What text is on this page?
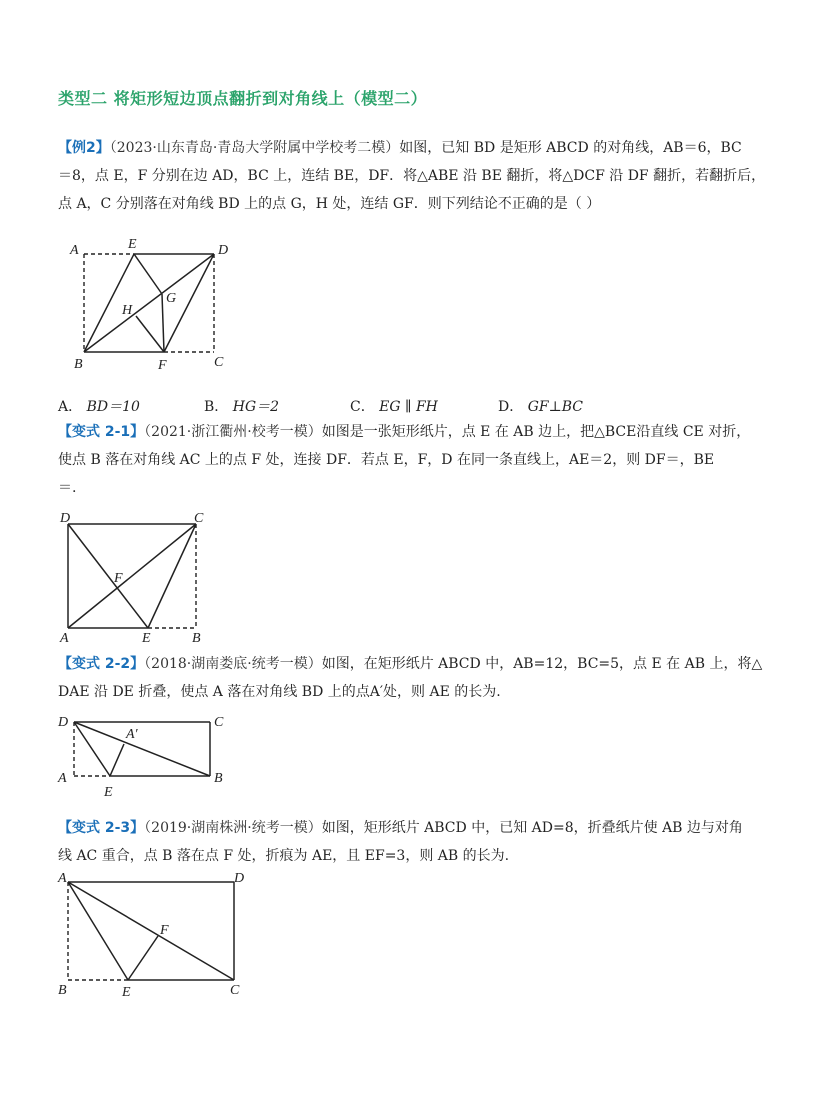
类型二 将矩形短边顶点翻折到对角线上（模型二）
【例2】（2023·山东青岛·青岛大学附属中学校考二模）如图，已知 BD 是矩形 ABCD 的对角线，AB＝6，BC
＝8，点 E，F 分别在边 AD，BC 上，连结 BE，DF．将△ABE 沿 BE 翻折，将△DCF 沿 DF 翻折，若翻折后，
点 A，C 分别落在对角线 BD 上的点 G，H 处，连结 GF．则下列结论不正确的是（ ）
A	E	D
B	F	C
G
H
A． BD＝10	B． HG＝2	C． EG ∥ FH	D． GF⊥BC
【变式 2-1】（2021·浙江衢州·校考一模）如图是一张矩形纸片，点 E 在 AB 边上，把△BCE沿直线 CE 对折，
使点 B 落在对角线 AC 上的点 F 处，连接 DF．若点 E，F，D 在同一条直线上，AE＝2，则 DF＝，BE
＝.
D	C
A	E	B
F
【变式 2-2】（2018·湖南娄底·统考一模）如图，在矩形纸片 ABCD 中，AB=12，BC=5，点 E 在 AB 上，将△
DAE 沿 DE 折叠，使点 A 落在对角线 BD 上的点A′处，则 AE 的长为.
D	C
A	B
E
A′
【变式 2-3】（2019·湖南株洲·统考一模）如图，矩形纸片 ABCD 中，已知 AD=8，折叠纸片使 AB 边与对角
线 AC 重合，点 B 落在点 F 处，折痕为 AE，且 EF=3，则 AB 的长为.
A	D
B	E	C
F
